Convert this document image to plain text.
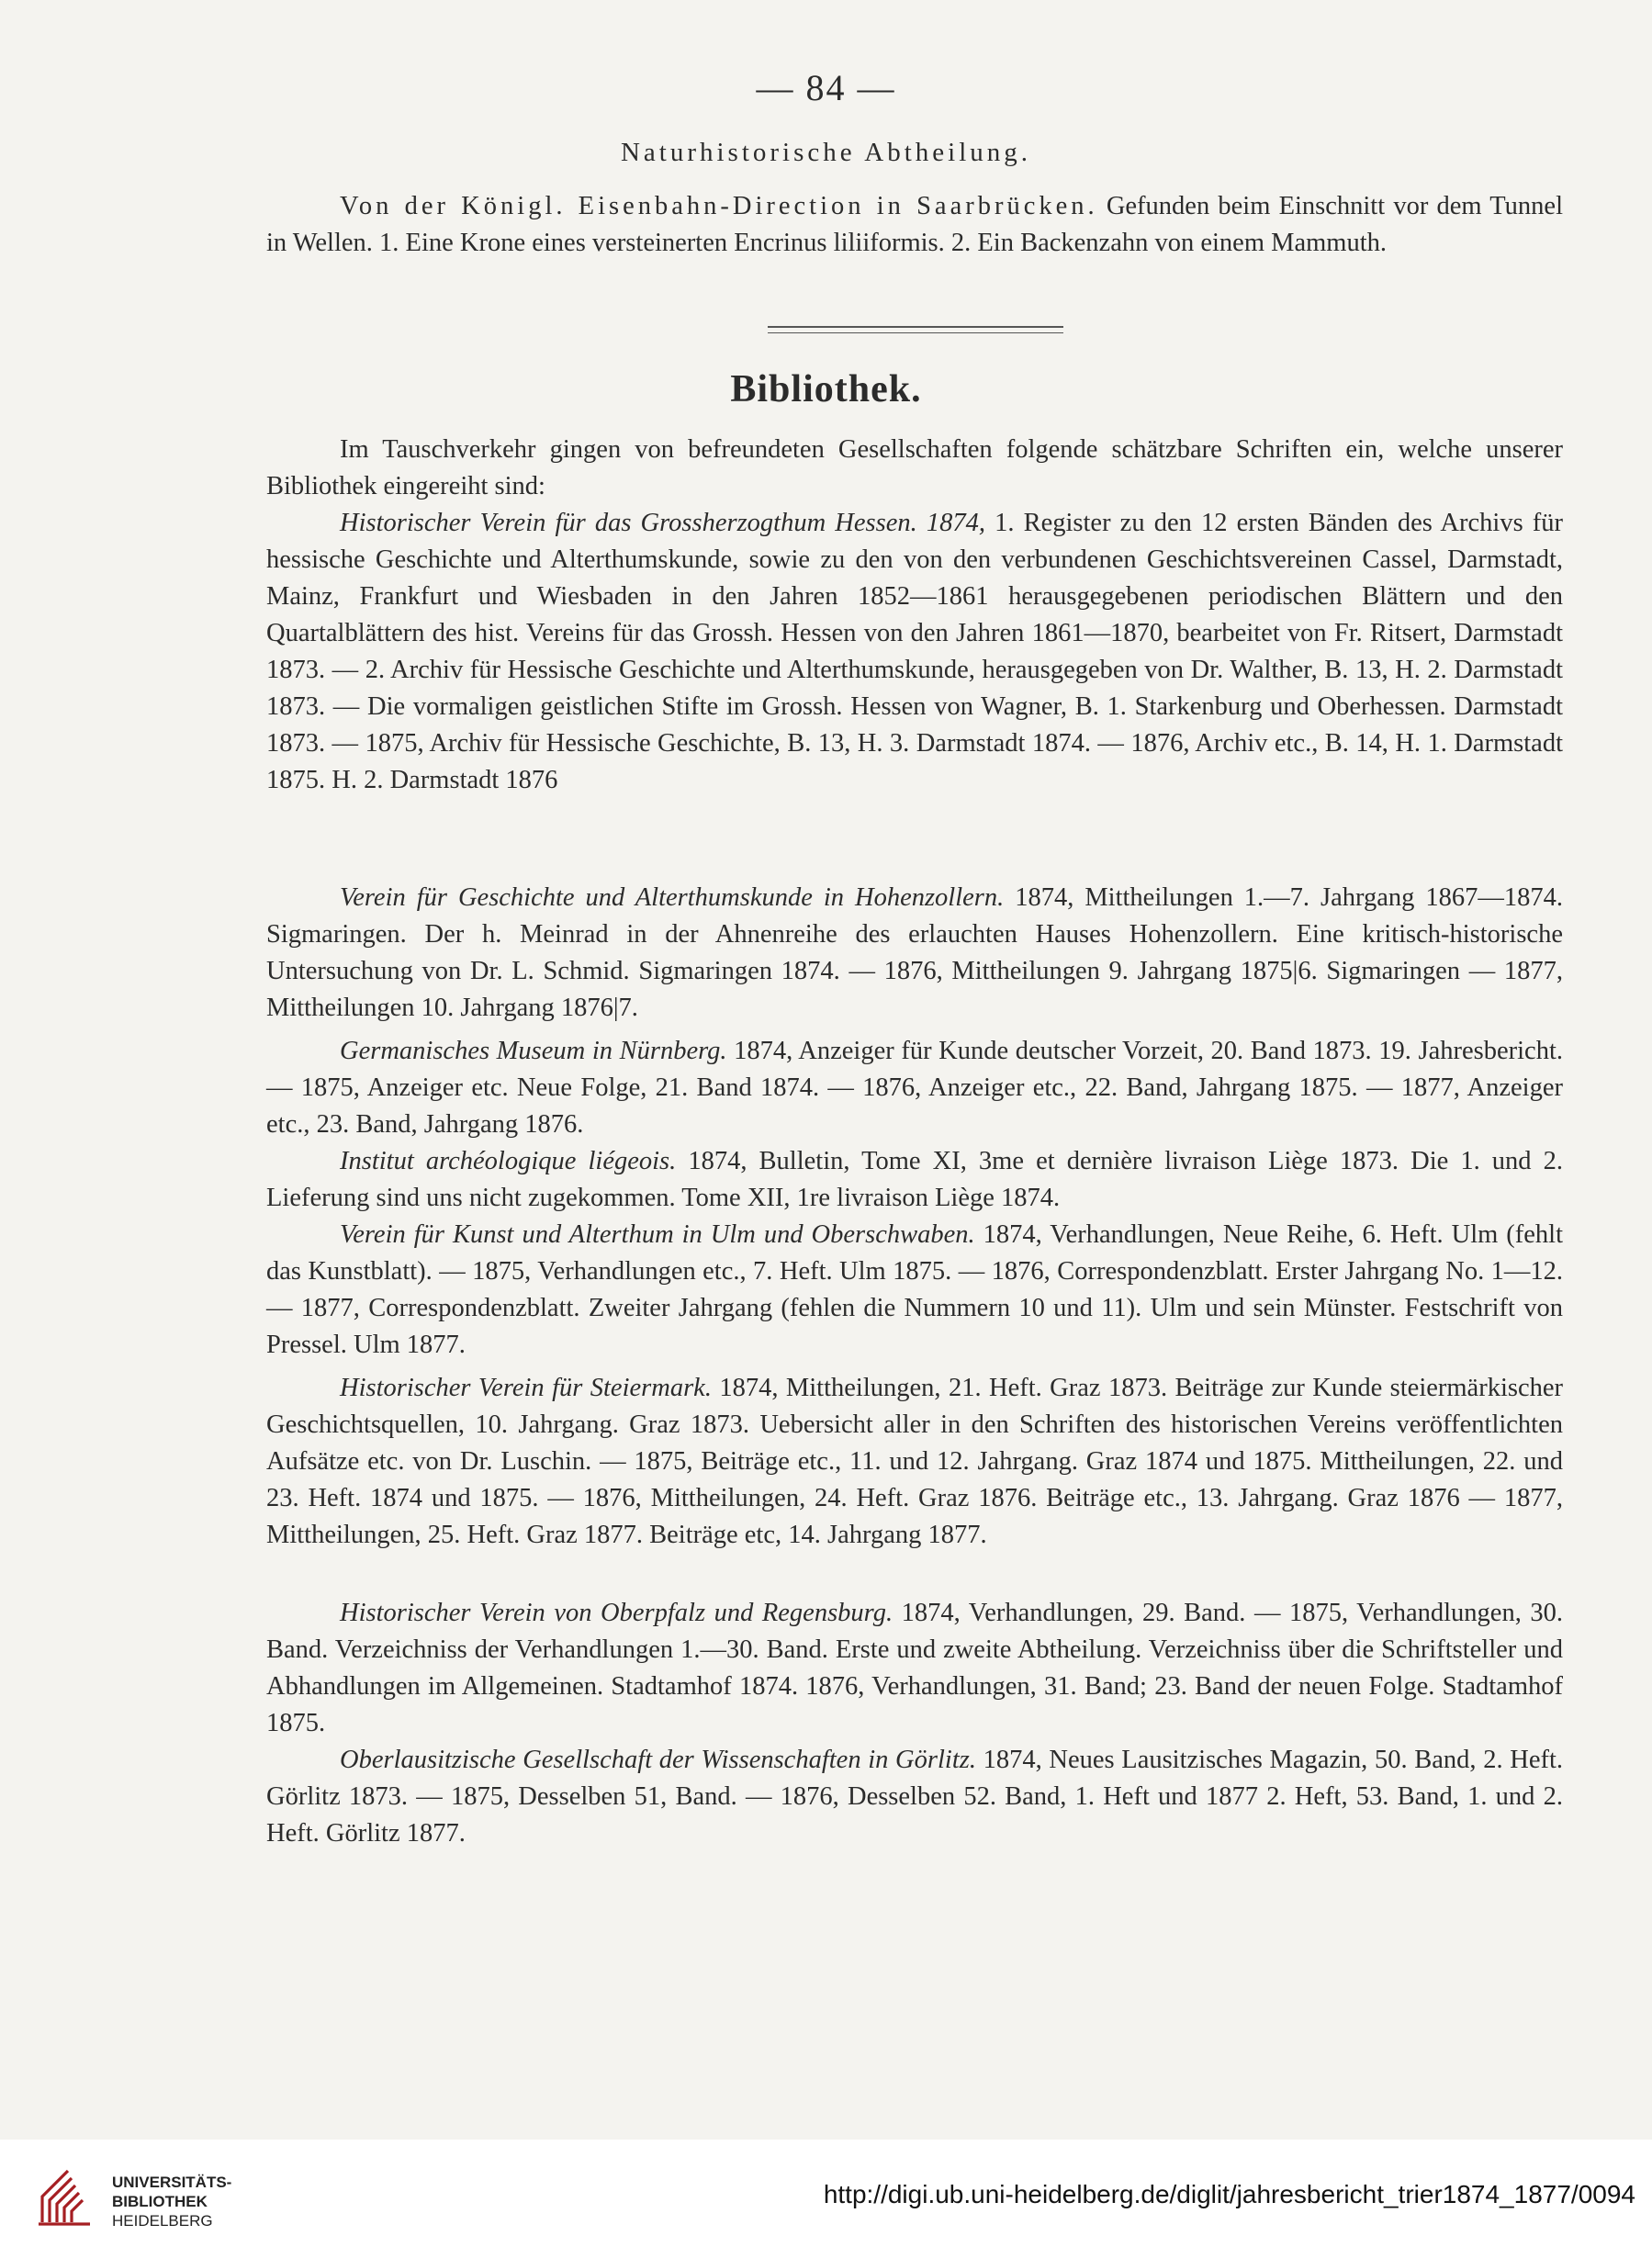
— 84 —
Naturhistorische Abtheilung.
Von der Königl. Eisenbahn-Direction in Saarbrücken. Gefunden beim Einschnitt vor dem Tunnel in Wellen. 1. Eine Krone eines versteinerten Encrinus liliiformis. 2. Ein Backenzahn von einem Mammuth.
Bibliothek.
Im Tauschverkehr gingen von befreundeten Gesellschaften folgende schätzbare Schriften ein, welche unserer Bibliothek eingereiht sind:
Historischer Verein für das Grossherzogthum Hessen. 1874, 1. Register zu den 12 ersten Bänden des Archivs für hessische Geschichte und Alterthumskunde, sowie zu den von den verbundenen Geschichtsvereinen Cassel, Darmstadt, Mainz, Frankfurt und Wiesbaden in den Jahren 1852—1861 herausgegebenen periodischen Blättern und den Quartalblättern des hist. Vereins für das Grossh. Hessen von den Jahren 1861—1870, bearbeitet von Fr. Ritsert, Darmstadt 1873. — 2. Archiv für Hessische Geschichte und Alterthumskunde, herausgegeben von Dr. Walther, B. 13, H. 2. Darmstadt 1873. — Die vormaligen geistlichen Stifte im Grossh. Hessen von Wagner, B. 1. Starkenburg und Oberhessen. Darmstadt 1873. — 1875, Archiv für Hessische Geschichte, B. 13, H. 3. Darmstadt 1874. — 1876, Archiv etc., B. 14, H. 1. Darmstadt 1875. H. 2. Darmstadt 1876
Verein für Geschichte und Alterthumskunde in Hohenzollern. 1874, Mittheilungen 1.—7. Jahrgang 1867—1874. Sigmaringen. Der h. Meinrad in der Ahnenreihe des erlauchten Hauses Hohenzollern. Eine kritisch-historische Untersuchung von Dr. L. Schmid. Sigmaringen 1874. — 1876, Mittheilungen 9. Jahrgang 1875|6. Sigmaringen — 1877, Mittheilungen 10. Jahrgang 1876|7.
Germanisches Museum in Nürnberg. 1874, Anzeiger für Kunde deutscher Vorzeit, 20. Band 1873. 19. Jahresbericht. — 1875, Anzeiger etc. Neue Folge, 21. Band 1874. — 1876, Anzeiger etc., 22. Band, Jahrgang 1875. — 1877, Anzeiger etc., 23. Band, Jahrgang 1876.
Institut archéologique liégeois. 1874, Bulletin, Tome XI, 3me et dernière livraison Liège 1873. Die 1. und 2. Lieferung sind uns nicht zugekommen. Tome XII, 1re livraison Liège 1874.
Verein für Kunst und Alterthum in Ulm und Oberschwaben. 1874, Verhandlungen, Neue Reihe, 6. Heft. Ulm (fehlt das Kunstblatt). — 1875, Verhandlungen etc., 7. Heft. Ulm 1875. — 1876, Correspondenzblatt. Erster Jahrgang No. 1—12. — 1877, Correspondenzblatt. Zweiter Jahrgang (fehlen die Nummern 10 und 11). Ulm und sein Münster. Festschrift von Pressel. Ulm 1877.
Historischer Verein für Steiermark. 1874, Mittheilungen, 21. Heft. Graz 1873. Beiträge zur Kunde steiermärkischer Geschichtsquellen, 10. Jahrgang. Graz 1873. Uebersicht aller in den Schriften des historischen Vereins veröffentlichten Aufsätze etc. von Dr. Luschin. — 1875, Beiträge etc., 11. und 12. Jahrgang. Graz 1874 und 1875. Mittheilungen, 22. und 23. Heft. 1874 und 1875. — 1876, Mittheilungen, 24. Heft. Graz 1876. Beiträge etc., 13. Jahrgang. Graz 1876 — 1877, Mittheilungen, 25. Heft. Graz 1877. Beiträge etc, 14. Jahrgang 1877.
Historischer Verein von Oberpfalz und Regensburg. 1874, Verhandlungen, 29. Band. — 1875, Verhandlungen, 30. Band. Verzeichniss der Verhandlungen 1.—30. Band. Erste und zweite Abtheilung. Verzeichniss über die Schriftsteller und Abhandlungen im Allgemeinen. Stadtamhof 1874. 1876, Verhandlungen, 31. Band; 23. Band der neuen Folge. Stadtamhof 1875.
Oberlausitzische Gesellschaft der Wissenschaften in Görlitz. 1874, Neues Lausitzisches Magazin, 50. Band, 2. Heft. Görlitz 1873. — 1875, Desselben 51, Band. — 1876, Desselben 52. Band, 1. Heft und 1877 2. Heft, 53. Band, 1. und 2. Heft. Görlitz 1877.
UNIVERSITÄTS-
BIBLIOTHEK
HEIDELBERG
http://digi.ub.uni-heidelberg.de/diglit/jahresbericht_trier1874_1877/0094
